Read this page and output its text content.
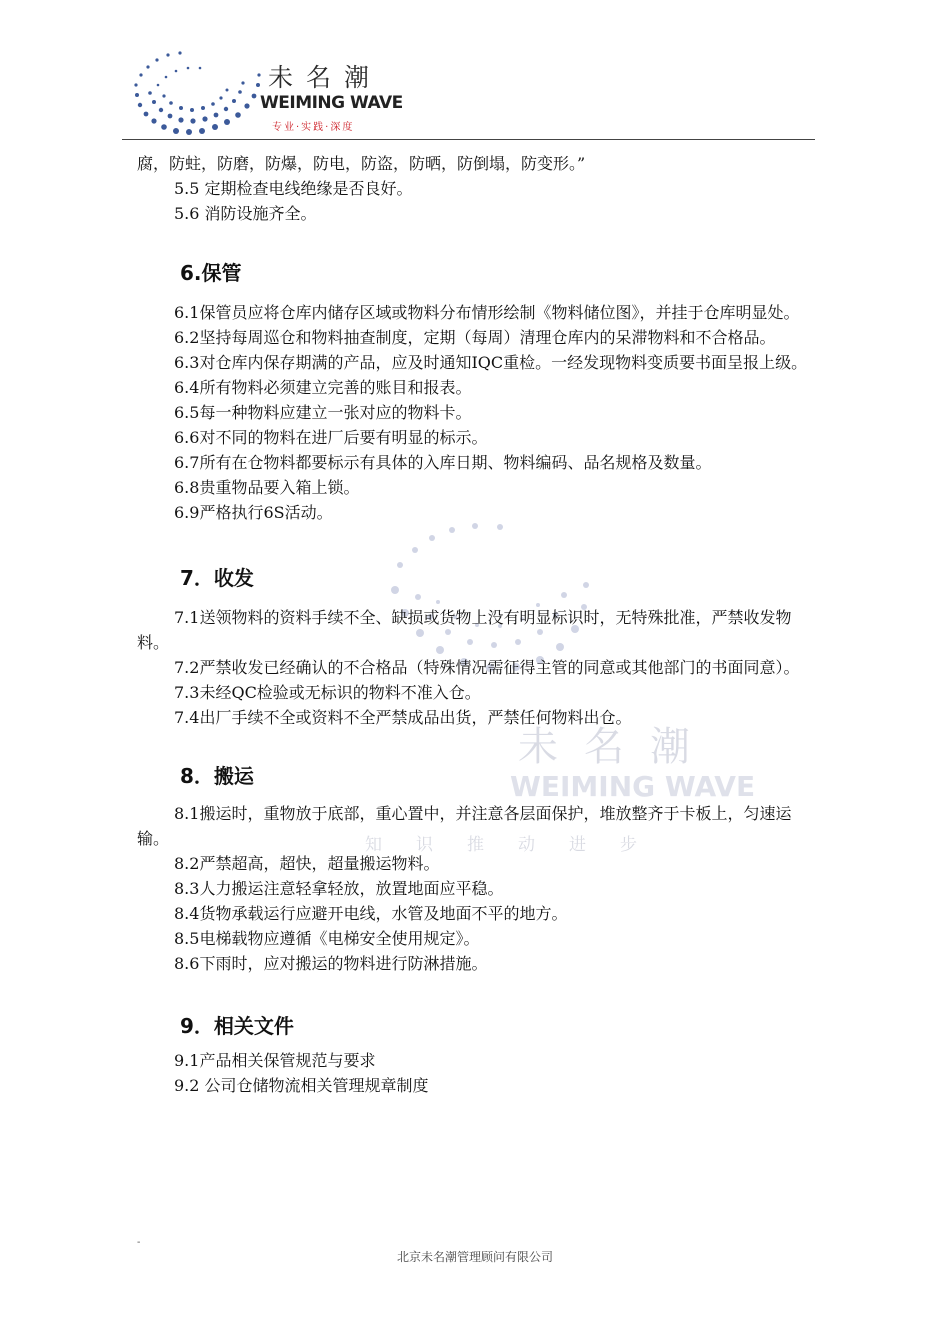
未名潮
WEIMING WAVE
知识推动进步
未名潮
WEIMING WAVE
专业·实践·深度

腐，防蛀，防磨，防爆，防电，防盗，防晒，防倒塌，防变形。”

5.5 定期检查电线绝缘是否良好。

5.6 消防设施齐全。

6.保管

6.1保管员应将仓库内储存区域或物料分布情形绘制《物料储位图》，并挂于仓库明显处。

6.2坚持每周巡仓和物料抽查制度，定期（每周）清理仓库内的呆滞物料和不合格品。

6.3对仓库内保存期满的产品，应及时通知IQC重检。一经发现物料变质要书面呈报上级。

6.4所有物料必须建立完善的账目和报表。

6.5每一种物料应建立一张对应的物料卡。

6.6对不同的物料在进厂后要有明显的标示。

6.7所有在仓物料都要标示有具体的入库日期、物料编码、品名规格及数量。

6.8贵重物品要入箱上锁。

6.9严格执行6S活动。

7．收发

7.1送领物料的资料手续不全、缺损或货物上没有明显标识时，无特殊批准，严禁收发物料。

7.2严禁收发已经确认的不合格品（特殊情况需征得主管的同意或其他部门的书面同意）。

7.3未经QC检验或无标识的物料不准入仓。

7.4出厂手续不全或资料不全严禁成品出货，严禁任何物料出仓。

8．搬运

8.1搬运时，重物放于底部，重心置中，并注意各层面保护，堆放整齐于卡板上，匀速运输。

8.2严禁超高，超快，超量搬运物料。

8.3人力搬运注意轻拿轻放，放置地面应平稳。

8.4货物承载运行应避开电线，水管及地面不平的地方。

8.5电梯载物应遵循《电梯安全使用规定》。

8.6下雨时，应对搬运的物料进行防淋措施。

9．相关文件

9.1产品相关保管规范与要求

9.2 公司仓储物流相关管理规章制度

-
北京未名潮管理顾问有限公司
